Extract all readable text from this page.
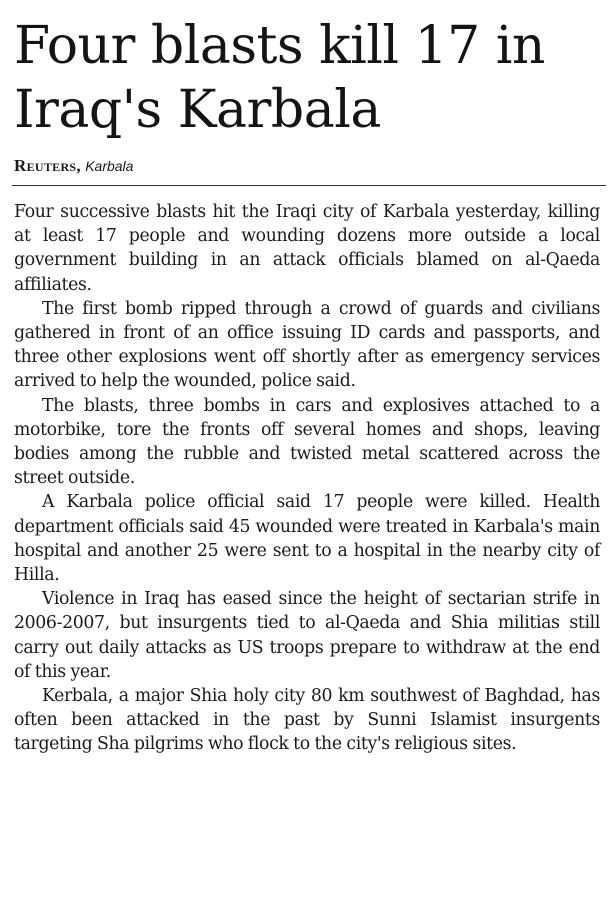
Four blasts kill 17 in Iraq's Karbala
Reuters, Karbala

Four successive blasts hit the Iraqi city of Karbala yesterday, killing at least 17 people and wounding dozens more outside a local government building in an attack officials blamed on al-Qaeda affiliates.

The first bomb ripped through a crowd of guards and civilians gathered in front of an office issuing ID cards and passports, and three other explosions went off shortly after as emergency services arrived to help the wounded, police said.

The blasts, three bombs in cars and explosives attached to a motorbike, tore the fronts off several homes and shops, leaving bodies among the rubble and twisted metal scattered across the street outside.

A Karbala police official said 17 people were killed. Health department officials said 45 wounded were treated in Karbala's main hospital and another 25 were sent to a hospital in the nearby city of Hilla.

Violence in Iraq has eased since the height of sectarian strife in 2006-2007, but insurgents tied to al-Qaeda and Shia militias still carry out daily attacks as US troops prepare to withdraw at the end of this year.

Kerbala, a major Shia holy city 80 km southwest of Baghdad, has often been attacked in the past by Sunni Islamist insurgents targeting Sha pilgrims who flock to the city's religious sites.
